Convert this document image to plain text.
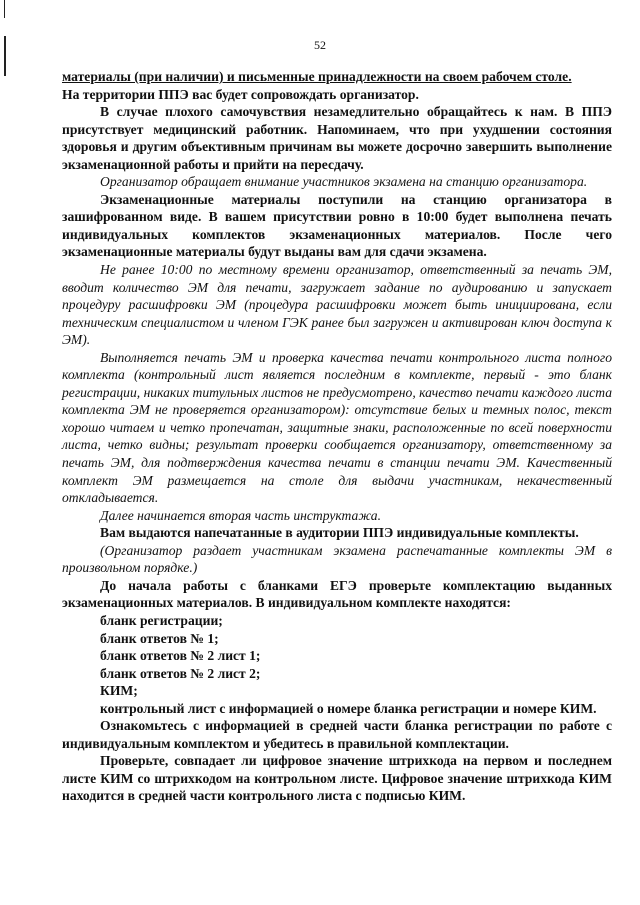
52

материалы (при наличии) и письменные принадлежности на своем рабочем столе.

На территории ППЭ вас будет сопровождать организатор.

В случае плохого самочувствия незамедлительно обращайтесь к нам. В ППЭ присутствует медицинский работник. Напоминаем, что при ухудшении состояния здоровья и другим объективным причинам вы можете досрочно завершить выполнение экзаменационной работы и прийти на пересдачу.

Организатор обращает внимание участников экзамена на станцию организатора.

Экзаменационные материалы поступили на станцию организатора в зашифрованном виде. В вашем присутствии ровно в 10:00 будет выполнена печать индивидуальных комплектов экзаменационных материалов. После чего экзаменационные материалы будут выданы вам для сдачи экзамена.

Не ранее 10:00 по местному времени организатор, ответственный за печать ЭМ, вводит количество ЭМ для печати, загружает задание по аудированию и запускает процедуру расшифровки ЭМ (процедура расшифровки может быть инициирована, если техническим специалистом и членом ГЭК ранее был загружен и активирован ключ доступа к ЭМ).

Выполняется печать ЭМ и проверка качества печати контрольного листа полного комплекта (контрольный лист является последним в комплекте, первый - это бланк регистрации, никаких титульных листов не предусмотрено, качество печати каждого листа комплекта ЭМ не проверяется организатором): отсутствие белых и темных полос, текст хорошо читаем и четко пропечатан, защитные знаки, расположенные по всей поверхности листа, четко видны; результат проверки сообщается организатору, ответственному за печать ЭМ, для подтверждения качества печати в станции печати ЭМ. Качественный комплект ЭМ размещается на столе для выдачи участникам, некачественный откладывается.

Далее начинается вторая часть инструктажа.

Вам выдаются напечатанные в аудитории ППЭ индивидуальные комплекты.

(Организатор раздает участникам экзамена распечатанные комплекты ЭМ в произвольном порядке.)

До начала работы с бланками ЕГЭ проверьте комплектацию выданных экзаменационных материалов. В индивидуальном комплекте находятся:

бланк регистрации;

бланк ответов № 1;

бланк ответов № 2 лист 1;

бланк ответов № 2 лист 2;

КИМ;

контрольный лист с информацией о номере бланка регистрации и номере КИМ.

Ознакомьтесь с информацией в средней части бланка регистрации по работе с индивидуальным комплектом и убедитесь в правильной комплектации.

Проверьте, совпадает ли цифровое значение штрихкода на первом и последнем листе КИМ со штрихкодом на контрольном листе. Цифровое значение штрихкода КИМ находится в средней части контрольного листа с подписью КИМ.
